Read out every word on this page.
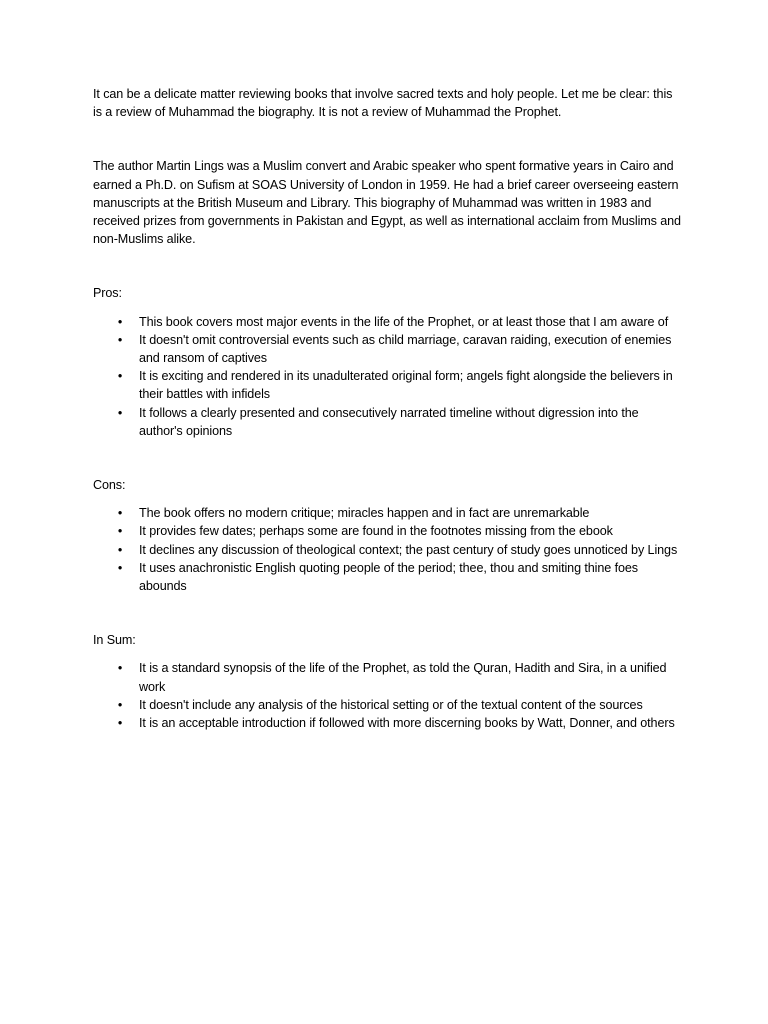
It can be a delicate matter reviewing books that involve sacred texts and holy people. Let me be clear: this is a review of Muhammad the biography. It is not a review of Muhammad the Prophet.

The author Martin Lings was a Muslim convert and Arabic speaker who spent formative years in Cairo and earned a Ph.D. on Sufism at SOAS University of London in 1959. He had a brief career overseeing eastern manuscripts at the British Museum and Library. This biography of Muhammad was written in 1983 and received prizes from governments in Pakistan and Egypt, as well as international acclaim from Muslims and non-Muslims alike.

Pros:

• This book covers most major events in the life of the Prophet, or at least those that I am aware of
• It doesn't omit controversial events such as child marriage, caravan raiding, execution of enemies and ransom of captives
• It is exciting and rendered in its unadulterated original form; angels fight alongside the believers in their battles with infidels
• It follows a clearly presented and consecutively narrated timeline without digression into the author's opinions

Cons:

• The book offers no modern critique; miracles happen and in fact are unremarkable
• It provides few dates; perhaps some are found in the footnotes missing from the ebook
• It declines any discussion of theological context; the past century of study goes unnoticed by Lings
• It uses anachronistic English quoting people of the period; thee, thou and smiting thine foes abounds

In Sum:

• It is a standard synopsis of the life of the Prophet, as told the Quran, Hadith and Sira, in a unified work
• It doesn't include any analysis of the historical setting or of the textual content of the sources
• It is an acceptable introduction if followed with more discerning books by Watt, Donner, and others
